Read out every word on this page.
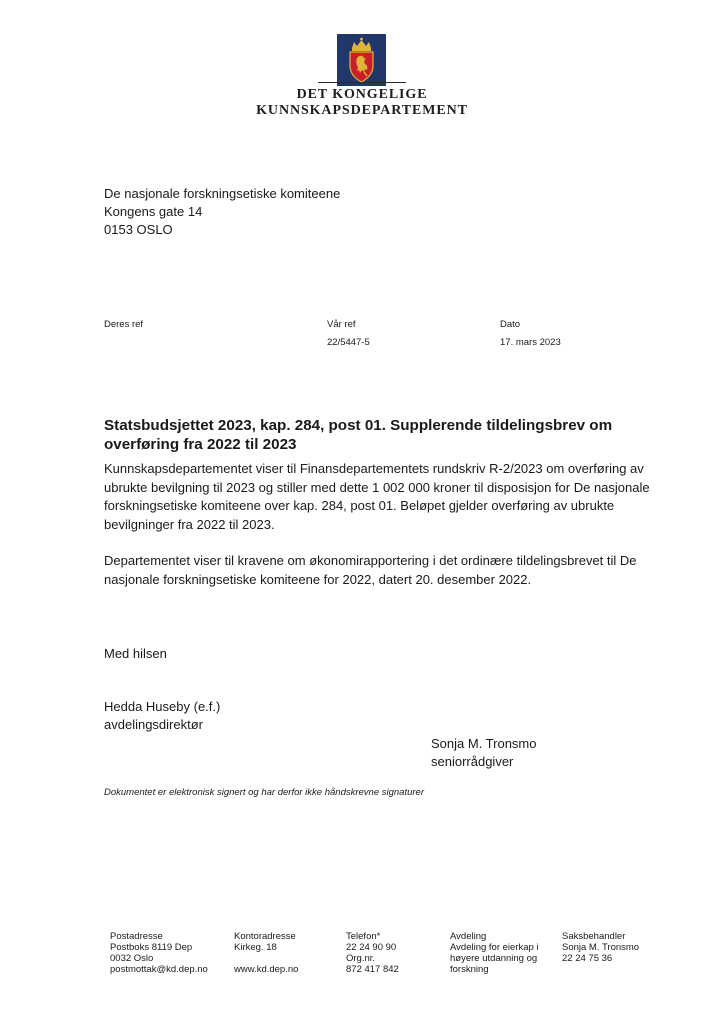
DET KONGELIGE
KUNNSKAPSDEPARTEMENT
De nasjonale forskningsetiske komiteene
Kongens gate 14
0153 OSLO
Deres ref	Vår ref
22/5447-5
Dato
17. mars 2023
Statsbudsjettet 2023, kap. 284, post 01. Supplerende tildelingsbrev om overføring fra 2022 til 2023
Kunnskapsdepartementet viser til Finansdepartementets rundskriv R-2/2023 om overføring av ubrukte bevilgning til 2023 og stiller med dette 1 002 000 kroner til disposisjon for De nasjonale forskningsetiske komiteene over kap. 284, post 01. Beløpet gjelder overføring av ubrukte bevilgninger fra 2022 til 2023.
Departementet viser til kravene om økonomirapportering i det ordinære tildelingsbrevet til De nasjonale forskningsetiske komiteene for 2022, datert 20. desember 2022.
Med hilsen
Hedda Huseby (e.f.)
avdelingsdirektør
Sonja M. Tronsmo
seniorrådgiver
Dokumentet er elektronisk signert og har derfor ikke håndskrevne signaturer
Postadresse
Postboks 8119 Dep
0032 Oslo
postmottak@kd.dep.no
Kontoradresse
Kirkeg. 18

www.kd.dep.no
Telefon*
22 24 90 90
Org.nr.
872 417 842
Avdeling
Avdeling for eierkap i
høyere utdanning og
forskning
Saksbehandler
Sonja M. Tronsmo
22 24 75 36
